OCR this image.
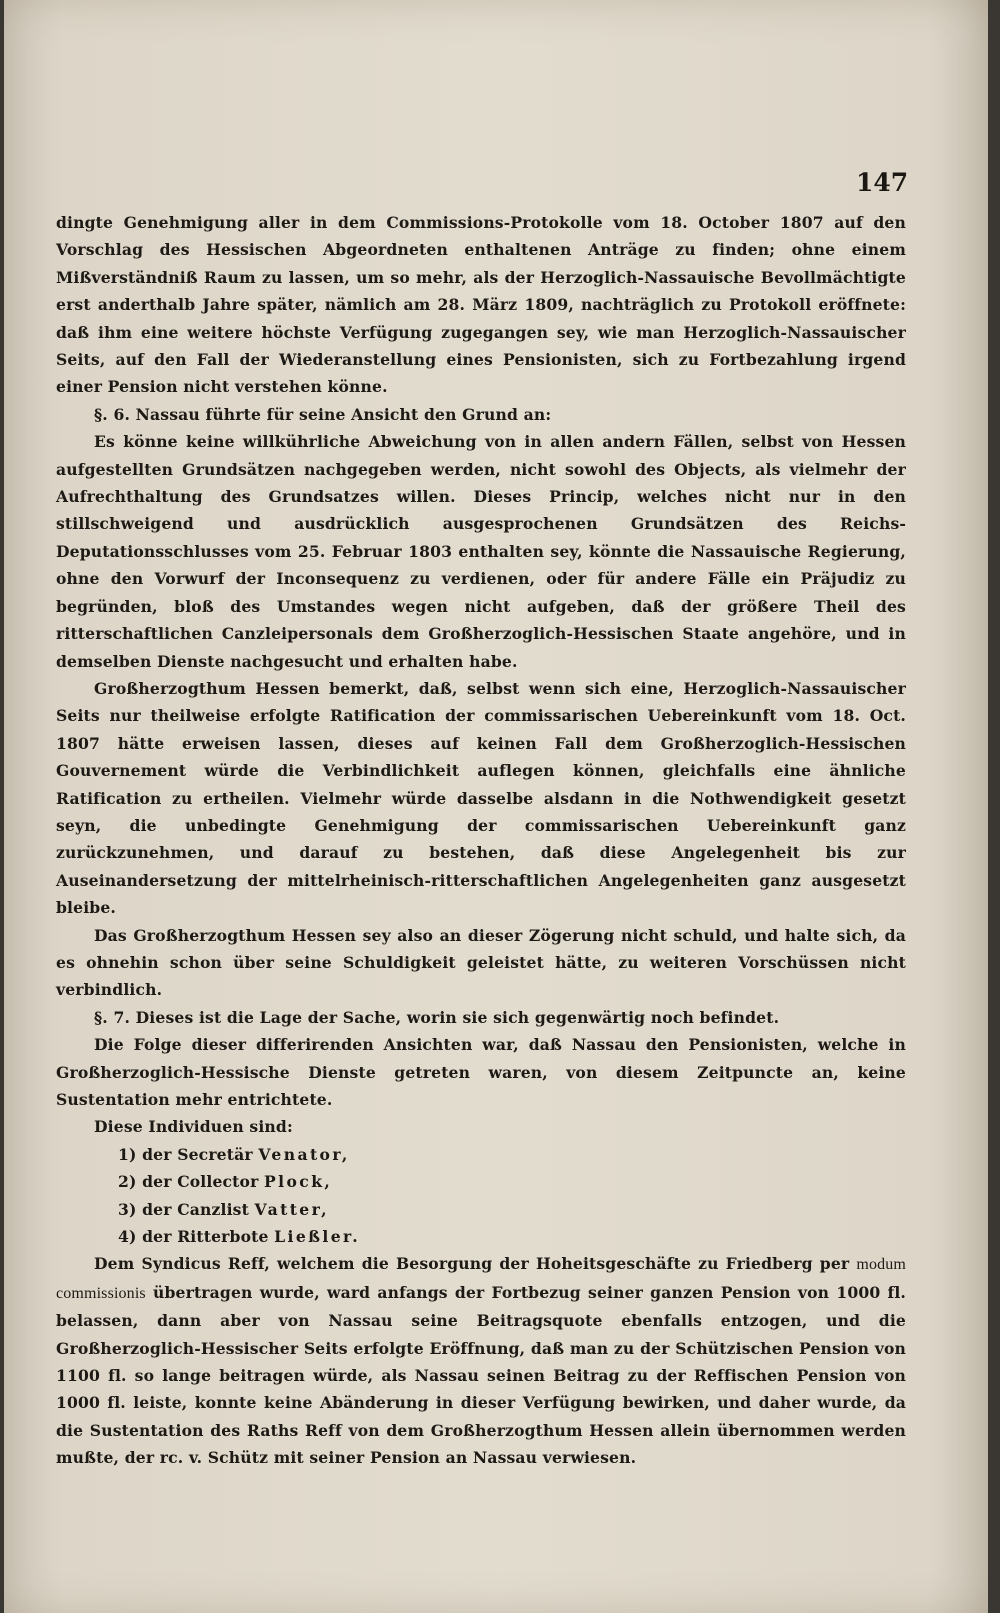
147

dingte Genehmigung aller in dem Commissions-Protokolle vom 18. October 1807 auf den Vorschlag des Hessischen Abgeordneten enthaltenen Anträge zu finden; ohne einem Mißverständniß Raum zu lassen, um so mehr, als der Herzoglich-Nassauische Bevollmächtigte erst anderthalb Jahre später, nämlich am 28. März 1809, nachträglich zu Protokoll eröffnete: daß ihm eine weitere höchste Verfügung zugegangen sey, wie man Herzoglich-Nassauischer Seits, auf den Fall der Wiederanstellung eines Pensionisten, sich zu Fortbezahlung irgend einer Pension nicht verstehen könne.

§. 6. Nassau führte für seine Ansicht den Grund an:

Es könne keine willkührliche Abweichung von in allen andern Fällen, selbst von Hessen aufgestellten Grundsätzen nachgegeben werden, nicht sowohl des Objects, als vielmehr der Aufrechthaltung des Grundsatzes willen. Dieses Princip, welches nicht nur in den stillschweigend und ausdrücklich ausgesprochenen Grundsätzen des Reichs-Deputationsschlusses vom 25. Februar 1803 enthalten sey, könnte die Nassauische Regierung, ohne den Vorwurf der Inconsequenz zu verdienen, oder für andere Fälle ein Präjudiz zu begründen, bloß des Umstandes wegen nicht aufgeben, daß der größere Theil des ritterschaftlichen Canzleipersonals dem Großherzoglich-Hessischen Staate angehöre, und in demselben Dienste nachgesucht und erhalten habe.

Großherzogthum Hessen bemerkt, daß, selbst wenn sich eine, Herzoglich-Nassauischer Seits nur theilweise erfolgte Ratification der commissarischen Uebereinkunft vom 18. Oct. 1807 hätte erweisen lassen, dieses auf keinen Fall dem Großherzoglich-Hessischen Gouvernement würde die Verbindlichkeit auflegen können, gleichfalls eine ähnliche Ratification zu ertheilen. Vielmehr würde dasselbe alsdann in die Nothwendigkeit gesetzt seyn, die unbedingte Genehmigung der commissarischen Uebereinkunft ganz zurückzunehmen, und darauf zu bestehen, daß diese Angelegenheit bis zur Auseinandersetzung der mittelrheinisch-ritterschaftlichen Angelegenheiten ganz ausgesetzt bleibe.

Das Großherzogthum Hessen sey also an dieser Zögerung nicht schuld, und halte sich, da es ohnehin schon über seine Schuldigkeit geleistet hätte, zu weiteren Vorschüssen nicht verbindlich.

§. 7. Dieses ist die Lage der Sache, worin sie sich gegenwärtig noch befindet.

Die Folge dieser differirenden Ansichten war, daß Nassau den Pensionisten, welche in Großherzoglich-Hessische Dienste getreten waren, von diesem Zeitpuncte an, keine Sustentation mehr entrichtete.

Diese Individuen sind:

1) der Secretär Venator,

2) der Collector Plock,

3) der Canzlist Vatter,

4) der Ritterbote Ließler.

Dem Syndicus Reff, welchem die Besorgung der Hoheitsgeschäfte zu Friedberg per modum commissionis übertragen wurde, ward anfangs der Fortbezug seiner ganzen Pension von 1000 fl. belassen, dann aber von Nassau seine Beitragsquote ebenfalls entzogen, und die Großherzoglich-Hessischer Seits erfolgte Eröffnung, daß man zu der Schützischen Pension von 1100 fl. so lange beitragen würde, als Nassau seinen Beitrag zu der Reffischen Pension von 1000 fl. leiste, konnte keine Abänderung in dieser Verfügung bewirken, und daher wurde, da die Sustentation des Raths Reff von dem Großherzogthum Hessen allein übernommen werden mußte, der rc. v. Schütz mit seiner Pension an Nassau verwiesen.
